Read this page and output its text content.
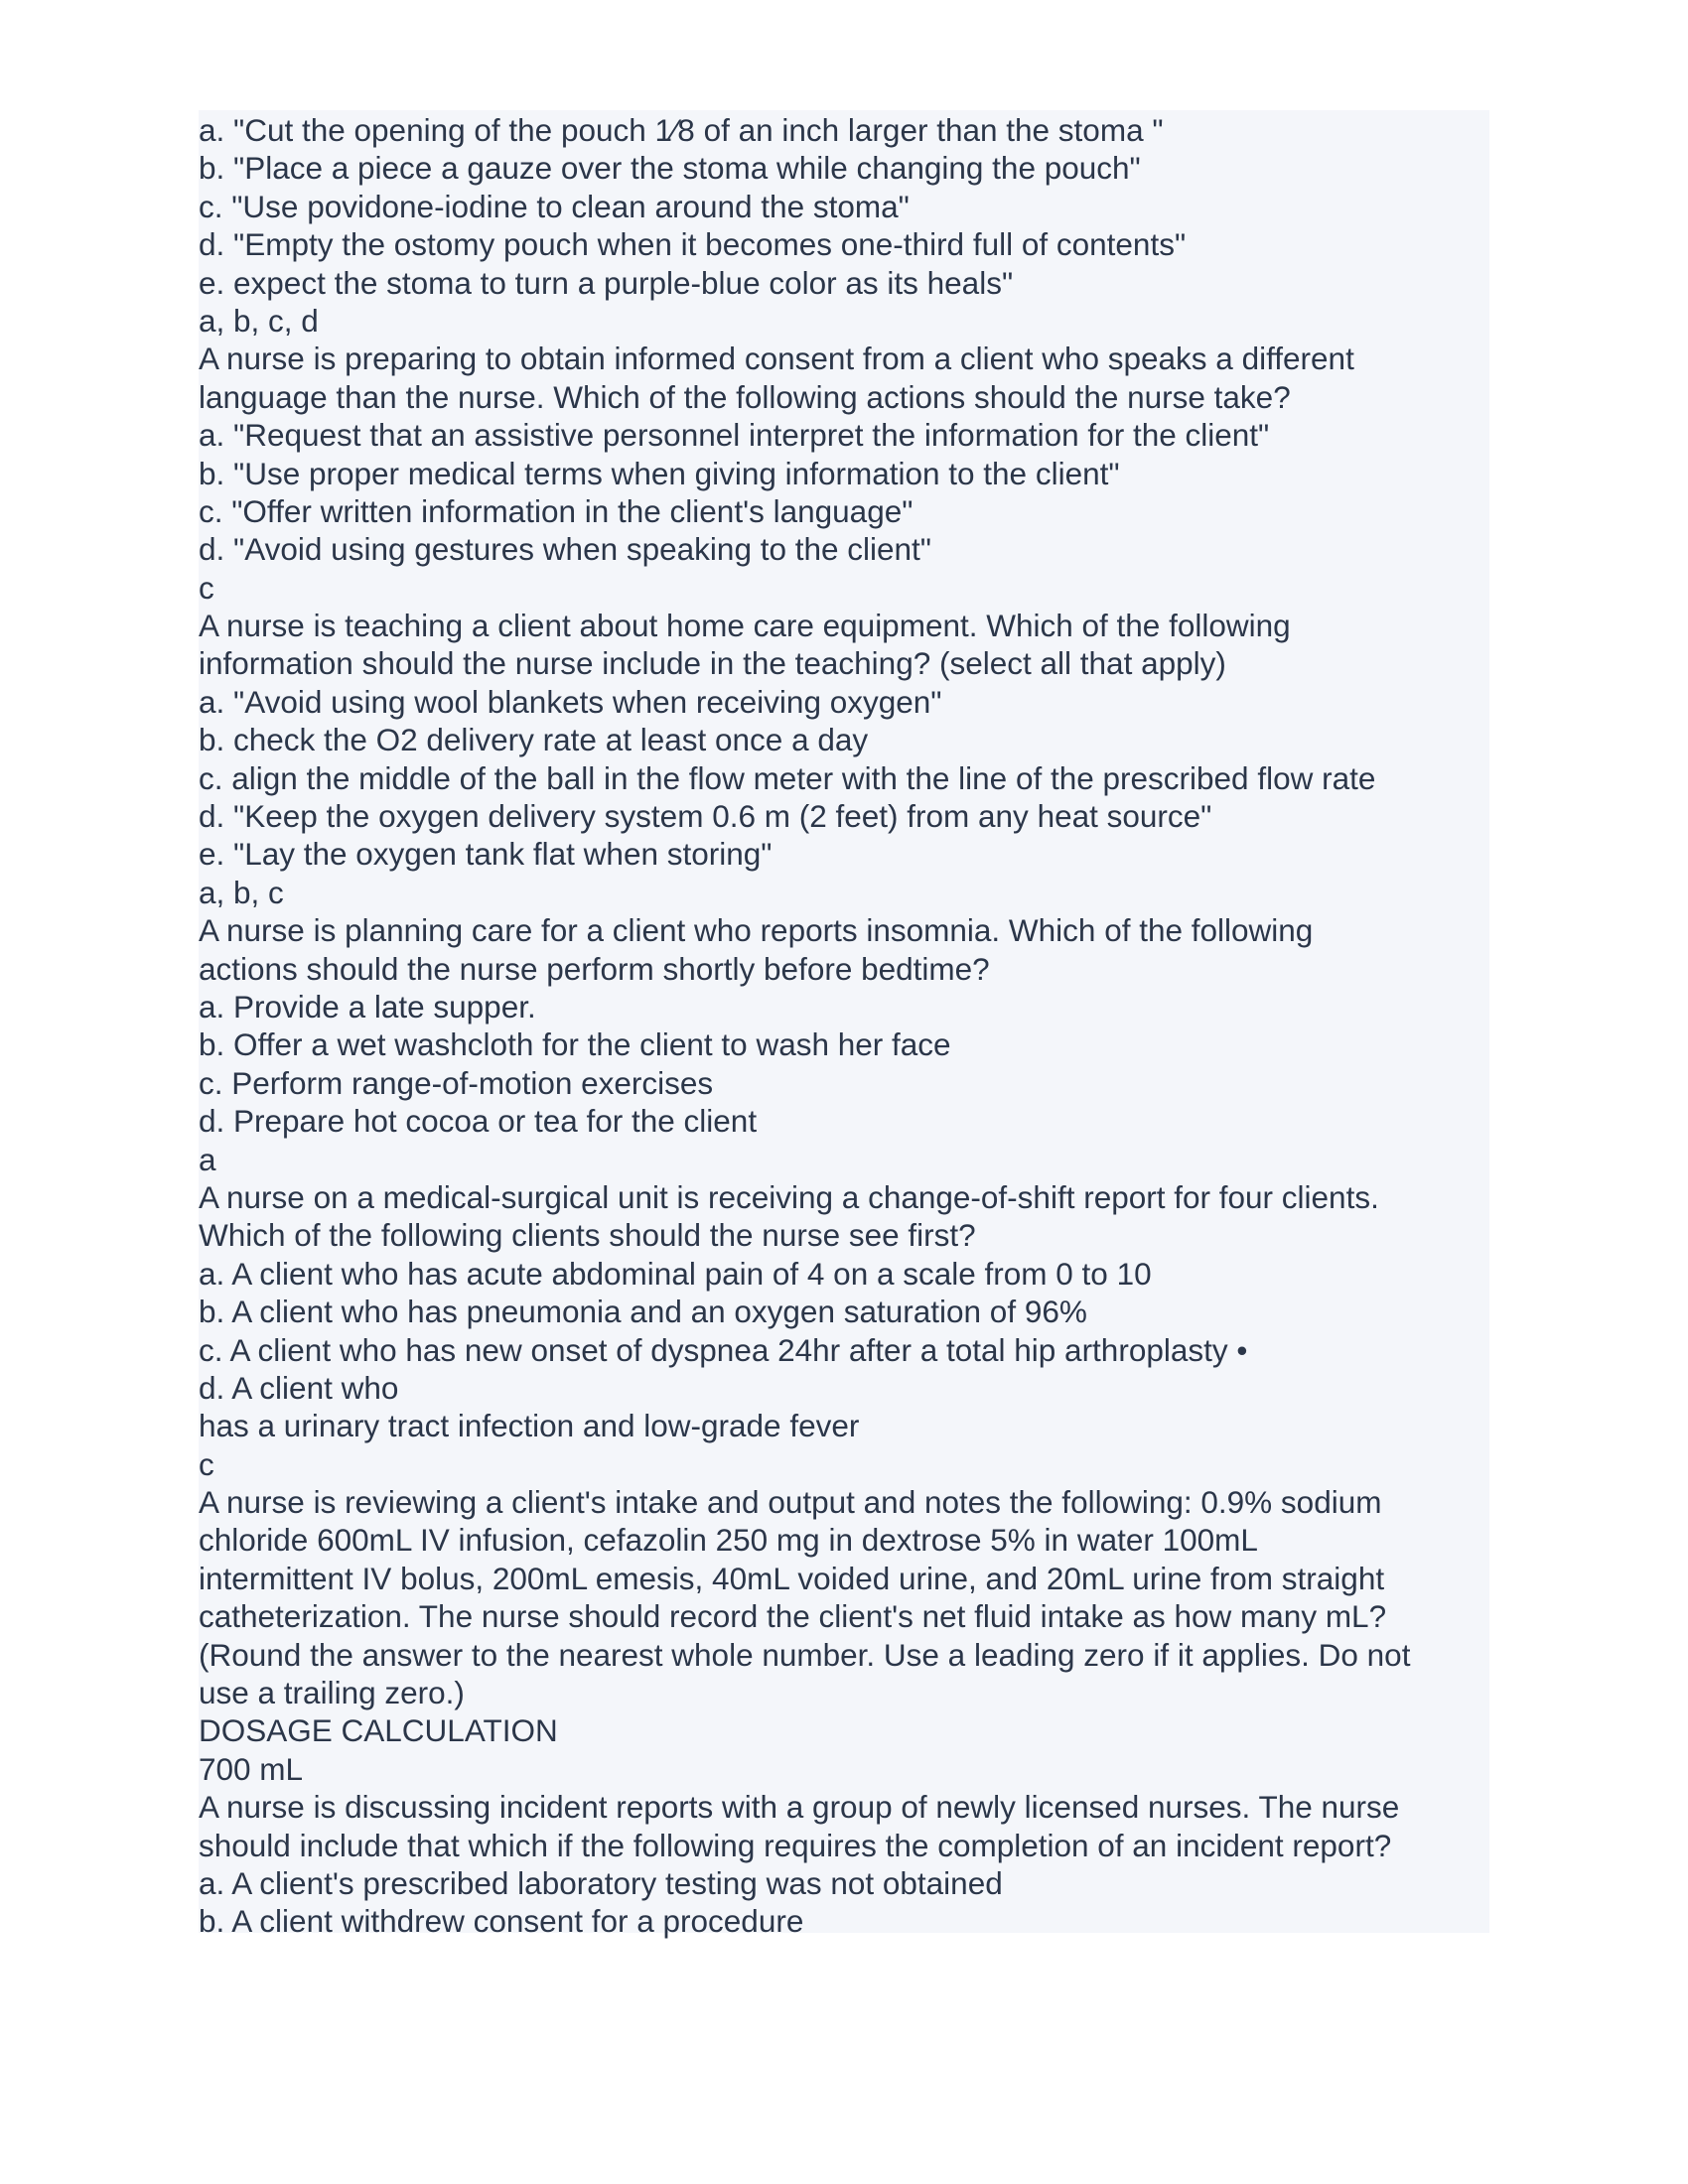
a. "Cut the opening of the pouch 1⁄8 of an inch larger than the stoma "
b. "Place a piece a gauze over the stoma while changing the pouch"
c. "Use povidone-iodine to clean around the stoma"
d. "Empty the ostomy pouch when it becomes one-third full of contents"
e. expect the stoma to turn a purple-blue color as its heals"
a, b, c, d
A nurse is preparing to obtain informed consent from a client who speaks a different
language than the nurse. Which of the following actions should the nurse take?
a. "Request that an assistive personnel interpret the information for the client"
b. "Use proper medical terms when giving information to the client"
c. "Offer written information in the client's language"
d. "Avoid using gestures when speaking to the client"
c
A nurse is teaching a client about home care equipment. Which of the following
information should the nurse include in the teaching? (select all that apply)
a. "Avoid using wool blankets when receiving oxygen"
b. check the O2 delivery rate at least once a day
c. align the middle of the ball in the flow meter with the line of the prescribed flow rate
d. "Keep the oxygen delivery system 0.6 m (2 feet) from any heat source"
e. "Lay the oxygen tank flat when storing"
a, b, c
A nurse is planning care for a client who reports insomnia. Which of the following
actions should the nurse perform shortly before bedtime?
a. Provide a late supper.
b. Offer a wet washcloth for the client to wash her face
c. Perform range-of-motion exercises
d. Prepare hot cocoa or tea for the client
a
A nurse on a medical-surgical unit is receiving a change-of-shift report for four clients.
Which of the following clients should the nurse see first?
a. A client who has acute abdominal pain of 4 on a scale from 0 to 10
b. A client who has pneumonia and an oxygen saturation of 96%
c. A client who has new onset of dyspnea 24hr after a total hip arthroplasty •
d. A client who
has a urinary tract infection and low-grade fever
c
A nurse is reviewing a client's intake and output and notes the following: 0.9% sodium
chloride 600mL IV infusion, cefazolin 250 mg in dextrose 5% in water 100mL
intermittent IV bolus, 200mL emesis, 40mL voided urine, and 20mL urine from straight
catheterization. The nurse should record the client's net fluid intake as how many mL?
(Round the answer to the nearest whole number. Use a leading zero if it applies. Do not
use a trailing zero.)
DOSAGE CALCULATION
700 mL
A nurse is discussing incident reports with a group of newly licensed nurses. The nurse
should include that which if the following requires the completion of an incident report?
a. A client's prescribed laboratory testing was not obtained
b. A client withdrew consent for a procedure
